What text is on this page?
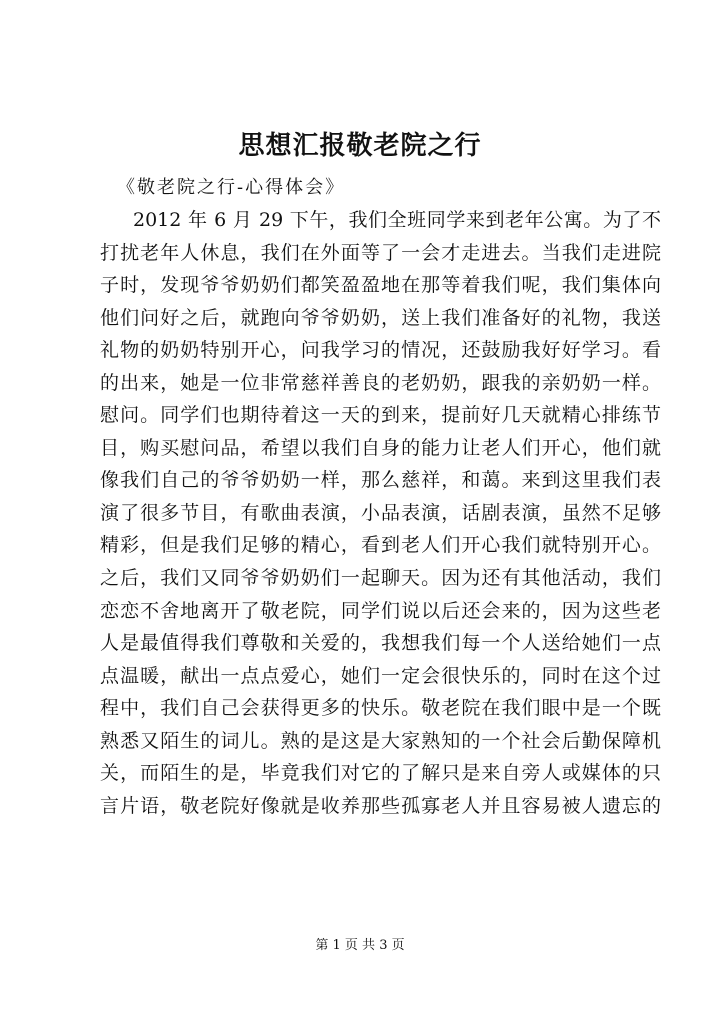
思想汇报敬老院之行
《敬老院之行-心得体会》
2012 年 6 月 29 下午，我们全班同学来到老年公寓。为了不
打扰老年人休息，我们在外面等了一会才走进去。当我们走进院
子时，发现爷爷奶奶们都笑盈盈地在那等着我们呢，我们集体向
他们问好之后，就跑向爷爷奶奶，送上我们准备好的礼物，我送
礼物的奶奶特别开心，问我学习的情况，还鼓励我好好学习。看
的出来，她是一位非常慈祥善良的老奶奶，跟我的亲奶奶一样。
慰问。同学们也期待着这一天的到来，提前好几天就精心排练节
目，购买慰问品，希望以我们自身的能力让老人们开心，他们就
像我们自己的爷爷奶奶一样，那么慈祥，和蔼。来到这里我们表
演了很多节目，有歌曲表演，小品表演，话剧表演，虽然不足够
精彩，但是我们足够的精心，看到老人们开心我们就特别开心。
之后，我们又同爷爷奶奶们一起聊天。因为还有其他活动，我们
恋恋不舍地离开了敬老院，同学们说以后还会来的，因为这些老
人是最值得我们尊敬和关爱的，我想我们每一个人送给她们一点
点温暖，献出一点点爱心，她们一定会很快乐的，同时在这个过
程中，我们自己会获得更多的快乐。敬老院在我们眼中是一个既
熟悉又陌生的词儿。熟的是这是大家熟知的一个社会后勤保障机
关，而陌生的是，毕竟我们对它的了解只是来自旁人或媒体的只
言片语，敬老院好像就是收养那些孤寡老人并且容易被人遗忘的
第 1 页 共 3 页
